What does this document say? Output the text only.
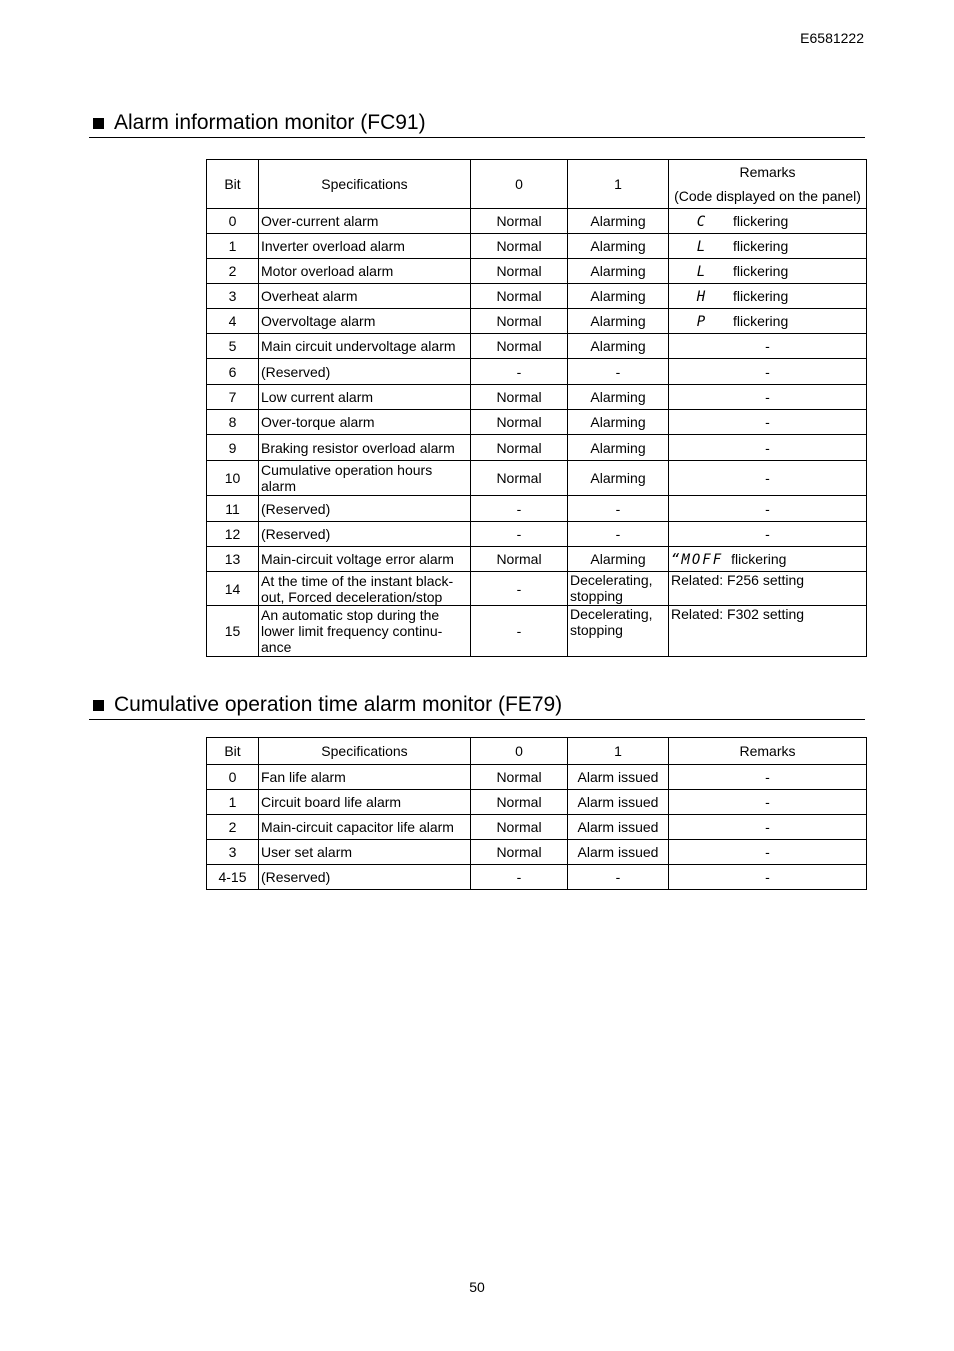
E6581222
Alarm information monitor (FC91)
Bit	Specifications	0	1	Remarks
(Code displayed on the panel)

0	Over-current alarm	Normal	Alarming	C flickering

1	Inverter overload alarm	Normal	Alarming	L flickering

2	Motor overload alarm	Normal	Alarming	L flickering

3	Overheat alarm	Normal	Alarming	H flickering

4	Overvoltage alarm	Normal	Alarming	P flickering

5	Main circuit undervoltage alarm	Normal	Alarming	-
6	(Reserved)	-	-	-
7	Low current alarm	Normal	Alarming	-
8	Over-torque alarm	Normal	Alarming	-
9	Braking resistor overload alarm	Normal	Alarming	-
10	Cumulative operation hours alarm	Normal	Alarming	-
11	(Reserved)	-	-	-
12	(Reserved)	-	-	-
13	Main-circuit voltage error alarm	Normal	Alarming	“MOFF flickering

14	At the time of the instant black-out, Forced deceleration/stop	-	Decelerating, stopping	Related: F256 setting
15	An automatic stop during the lower limit frequency continu-ance	-	Decelerating, stopping	Related: F302 setting
Cumulative operation time alarm monitor (FE79)
Bit	Specifications	0	1	Remarks
0	Fan life alarm	Normal	Alarm issued	-
1	Circuit board life alarm	Normal	Alarm issued	-
2	Main-circuit capacitor life alarm	Normal	Alarm issued	-
3	User set alarm	Normal	Alarm issued	-
4-15	(Reserved)	-	-	-
50
